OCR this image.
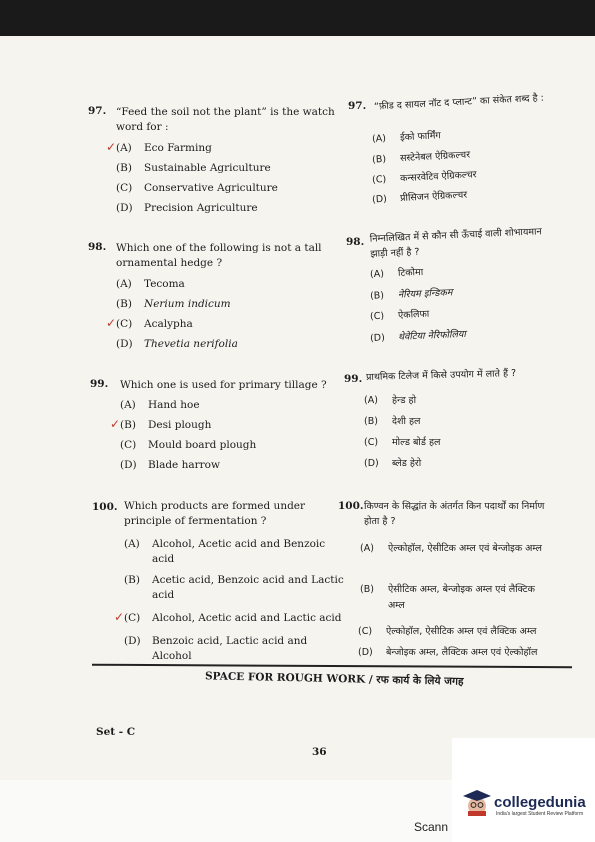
97. “Feed the soil not the plant” is the watch
word for :
(A) Eco Farming
(B) Sustainable Agriculture
(C) Conservative Agriculture
(D) Precision Agriculture
✓
98. Which one of the following is not a tall
ornamental hedge ?
(A) Tecoma
(B) Nerium indicum
(C) Acalypha
(D) Thevetia nerifolia
✓
99. Which one is used for primary tillage ?
(A) Hand hoe
(B) Desi plough
(C) Mould board plough
(D) Blade harrow
✓
100. Which products are formed under
principle of fermentation ?
(A) Alcohol, Acetic acid and Benzoic
acid
(B) Acetic acid, Benzoic acid and Lactic
acid
(C) Alcohol, Acetic acid and Lactic acid
(D) Benzoic acid, Lactic acid and
Alcohol
✓
97. “फ़ीड द सायल नॉट द प्लान्ट” का संकेत शब्द है :
(A) ईको फार्मिंग
(B) सस्टेनेबल ऐग्रिकल्चर
(C) कन्सरवेटिव ऐग्रिकल्चर
(D) प्रीसिजन ऐग्रिकल्चर
98. निम्नलिखित में से कौन सी ऊँचाई वाली शोभायमान
झाड़ी नहीं है ?
(A) टिकोमा
(B) नेरियम इन्डिकम
(C) ऐकलिफा
(D) थेवेटिया नेरिफोलिया
99. प्राथमिक टिलेज में किसे उपयोग में लाते हैं ?
(A) हेन्ड हो
(B) देशी हल
(C) मोल्ड बोर्ड हल
(D) ब्लेड हेरो
100. किण्वन के सिद्धांत के अंतर्गत किन पदार्थों का निर्माण
होता है ?
(A) ऐल्कोहॉल, ऐसीटिक अम्ल एवं बेन्जोइक अम्ल
(B) ऐसीटिक अम्ल, बेन्जोइक अम्ल एवं लैक्टिक
अम्ल
(C) ऐल्कोहॉल, ऐसीटिक अम्ल एवं लैक्टिक अम्ल
(D) बेन्जोइक अम्ल, लैक्टिक अम्ल एवं ऐल्कोहॉल
SPACE FOR ROUGH WORK / रफ कार्य के लिये जगह
Set - C
36
Scann
collegedunia
India's largest Student Review Platform
